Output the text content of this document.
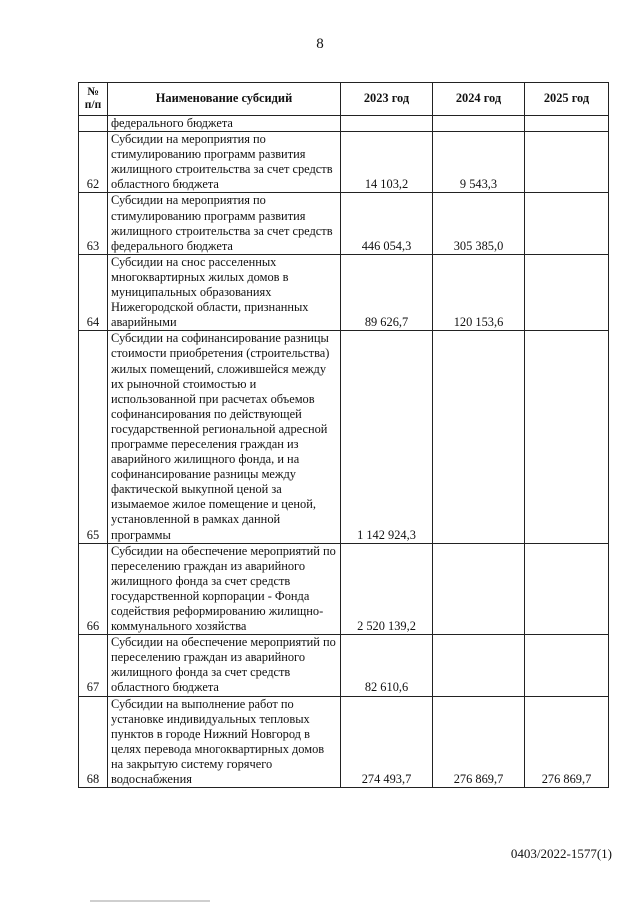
8
№ п/п	Наименование субсидий	2023 год	2024 год	2025 год
	федерального бюджета			
62	Субсидии на мероприятия по стимулированию программ развития жилищного строительства за счет средств областного бюджета	14 103,2	9 543,3	
63	Субсидии на мероприятия по стимулированию программ развития жилищного строительства за счет средств федерального бюджета	446 054,3	305 385,0	
64	Субсидии на снос расселенных многоквартирных жилых домов в муниципальных образованиях Нижегородской области, признанных аварийными	89 626,7	120 153,6	
65	Субсидии на софинансирование разницы стоимости приобретения (строительства) жилых помещений, сложившейся между их рыночной стоимостью и использованной при расчетах объемов софинансирования по действующей государственной региональной адресной программе переселения граждан из аварийного жилищного фонда, и на софинансирование разницы между фактической выкупной ценой за изымаемое жилое помещение и ценой, установленной в рамках данной программы	1 142 924,3		
66	Субсидии на обеспечение мероприятий по переселению граждан из аварийного жилищного фонда за счет средств государственной корпорации - Фонда содействия реформированию жилищно-коммунального хозяйства	2 520 139,2		
67	Субсидии на обеспечение мероприятий по переселению граждан из аварийного жилищного фонда за счет средств областного бюджета	82 610,6		
68	Субсидии на выполнение работ по установке индивидуальных тепловых пунктов в городе Нижний Новгород в целях перевода многоквартирных домов на закрытую систему горячего водоснабжения	274 493,7	276 869,7	276 869,7
0403/2022-1577(1)
